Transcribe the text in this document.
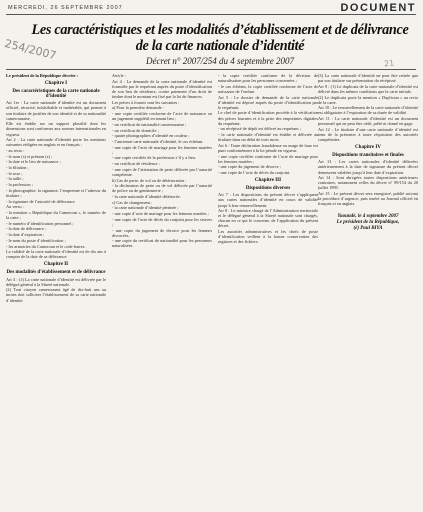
MERCREDI, 26 SEPTEMBRE 2007	DOCUMENT
254/2007
21
Les caractéristiques et les modalités d’établissement et de délivrance de la carte nationale d’identité
Décret n° 2007/254 du 4 septembre 2007

Le président de la République décrète :

Chapitre I

Des caractéristiques de la carte nationale d’identité

Art 1er : La carte nationale d’identité est un document officiel, sécurisé, infalsifiable et inaltérable, qui permet à son titulaire de justifier de son identité et de sa nationalité camerounaise.

Elle est établie sur un support plastifié dont les dimensions sont conformes aux normes internationales en vigueur.

Art 2 : La carte nationale d’identité porte les mentions suivantes rédigées en anglais et en français :

- au recto :

- le nom (s) et prénom (s) ;

- la date et le lieu de naissance ;

- la filiation ;

- le sexe ;

- la taille ;

- la profession ;

- la photographie, la signature, l’empreinte et l’adresse du titulaire ;

- la signature de l’autorité de délivrance.

Au verso :

- la mention « République du Cameroun », le numéro de la carte ;

- le numéro d’identification personnel ;

- la date de délivrance ;

- la date d’expiration ;

- le nom du poste d’identification ;

- les armoiries du Cameroun et le code-barres.

La validité de la carte nationale d’identité est de dix ans à compter de la date de sa délivrance.

Chapitre II

Des modalités d’établissement et de délivrance

Art 3 : (1) La carte nationale d’identité est délivrée par le délégué général à la Sûreté nationale.

(2) Tout citoyen camerounais âgé de dix-huit ans au moins doit solliciter l’établissement de sa carte nationale d’identité.

Article :

Art 4 : La demande de la carte nationale d’identité est formulée par le requérant auprès du poste d’identification de son lieu de résidence, contre paiement d’un droit de timbre dont le montant est fixé par la loi de finances.

Les pièces à fournir sont les suivantes :

a) Pour la première demande :

- une copie certifiée conforme de l’acte de naissance ou un jugement supplétif en tenant lieu ;

- un certificat de nationalité camerounaise ;

- un certificat de domicile ;

- quatre photographies d’identité en couleur ;

- l’ancienne carte nationale d’identité, le cas échéant.

- une copie de l’acte de mariage pour les femmes mariées ;

- une copie certifiée de la profession s’il y a lieu.

- un certificat de résidence ;

- une copie de l’attestation de perte délivrée par l’autorité compétente.

b) Cas de perte, de vol ou de détérioration :

- la déclaration de perte ou de vol délivrée par l’autorité de police ou de gendarmerie ;

- la carte nationale d’identité détériorée.

c) Cas de changement :

- la carte nationale d’identité périmée ;

- une copie d’acte de mariage pour les femmes mariées ;

- une copie de l’acte de décès du conjoint pour les veuves ;

- une copie du jugement de divorce pour les femmes divorcées.

- une copie du certificat de nationalité pour les personnes naturalisées.

- la copie certifiée conforme de la décision de naturalisation pour les personnes concernées ;

- le cas échéant, la copie certifiée conforme de l’acte de naissance de l’enfant.

Art 5 : Le dossier de demande de la carte nationale d’identité est déposé auprès du poste d’identification par le requérant.

Le chef de poste d’identification procède à la vérification des pièces fournies et à la prise des empreintes digitales du requérant.

- un récépissé de dépôt est délivré au requérant ;

- la carte nationale d’identité est établie et délivrée au titulaire dans un délai de trois mois.

Art 6 : Toute déclaration frauduleuse ou usage de faux est puni conformément à la loi pénale en vigueur.

- une copie certifiée conforme de l’acte de mariage pour les femmes mariées ;

- une copie du jugement de divorce ;

- une copie de l’acte de décès du conjoint.

Chapitre III

Dispositions diverses

Art 7 : Les dispositions du présent décret s’appliquent aux cartes nationales d’identité en cours de validité jusqu’à leur renouvellement.

Art 8 : Le ministre chargé de l’Administration territoriale et le délégué général à la Sûreté nationale sont chargés, chacun en ce qui le concerne, de l’application du présent décret.

Les autorités administratives et les chefs de poste d’identification veillent à la bonne conservation des registres et des fichiers.

(3) La carte nationale d’identité ne peut être retirée que par son titulaire sur présentation du récépissé.

Art 9 : (1) Le duplicata de la carte nationale d’identité est délivré dans les mêmes conditions que la carte initiale.

(2) Le duplicata porte la mention « Duplicata » au recto de la carte.

Art 10 : Le renouvellement de la carte nationale d’identité est obligatoire à l’expiration de sa durée de validité.

Art 11 : La carte nationale d’identité est un document personnel qui ne peut être cédé, prêté ni donné en gage.

Art 12 : Le titulaire d’une carte nationale d’identité est tenu de la présenter à toute réquisition des autorités compétentes.

Chapitre IV

Dispositions transitoires et finales

Art 13 : Les cartes nationales d’identité délivrées antérieurement à la date de signature du présent décret demeurent valables jusqu’à leur date d’expiration.

Art 14 : Sont abrogées toutes dispositions antérieures contraires, notamment celles du décret n° 99/154 du 20 juillet 1999.

Art 15 : Le présent décret sera enregistré, publié suivant la procédure d’urgence, puis inséré au Journal officiel en français et en anglais.

Yaoundé, le 4 septembre 2007
Le président de la République,
(é) Paul BIYA
